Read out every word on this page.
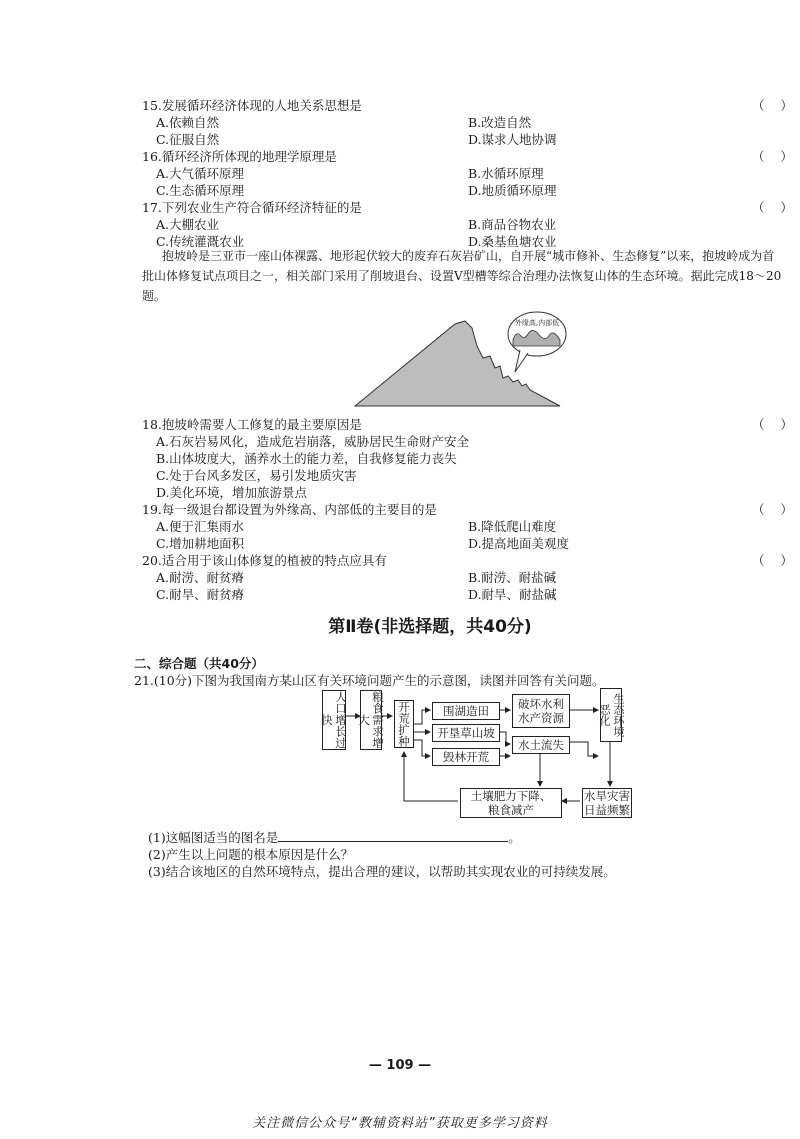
15.发展循环经济体现的人地关系思想是	（    ）
A.依赖自然	B.改造自然
C.征服自然	D.谋求人地协调
16.循环经济所体现的地理学原理是	（    ）
A.大气循环原理	B.水循环原理
C.生态循环原理	D.地质循环原理
17.下列农业生产符合循环经济特征的是	（    ）
A.大棚农业	B.商品谷物农业
C.传统灌溉农业	D.桑基鱼塘农业
抱坡岭是三亚市一座山体裸露、地形起伏较大的废弃石灰岩矿山，自开展“城市修补、生态修复”以来，抱坡岭成为首批山体修复试点项目之一，相关部门采用了削坡退台、设置V型槽等综合治理办法恢复山体的生态环境。据此完成18～20题。
外缘高,内部低
18.抱坡岭需要人工修复的最主要原因是	（    ）
A.石灰岩易风化，造成危岩崩落，威胁居民生命财产安全
B.山体坡度大，涵养水土的能力差，自我修复能力丧失
C.处于台风多发区，易引发地质灾害
D.美化环境，增加旅游景点
19.每一级退台都设置为外缘高、内部低的主要目的是	（    ）
A.便于汇集雨水	B.降低爬山难度
C.增加耕地面积	D.提高地面美观度
20.适合用于该山体修复的植被的特点应具有	（    ）
A.耐涝、耐贫瘠	B.耐涝、耐盐碱
C.耐旱、耐贫瘠	D.耐旱、耐盐碱
第Ⅱ卷(非选择题，共40分)
二、综合题（共40分）
21.(10分)下图为我国南方某山区有关环境问题产生的示意图，读图并回答有关问题。
人口增长过快	粮食需求增大	开荒扩种	围湖造田
开垦草山坡
毁林开荒
破坏水利
水产资源
水土流失
生态环境恶化
土壤肥力下降、
粮食减产
水旱灾害
日益频繁
(1)这幅图适当的图名是	。
(2)产生以上问题的根本原因是什么？
(3)结合该地区的自然环境特点，提出合理的建议，以帮助其实现农业的可持续发展。
— 109 —
关注微信公众号“教辅资料站”获取更多学习资料
